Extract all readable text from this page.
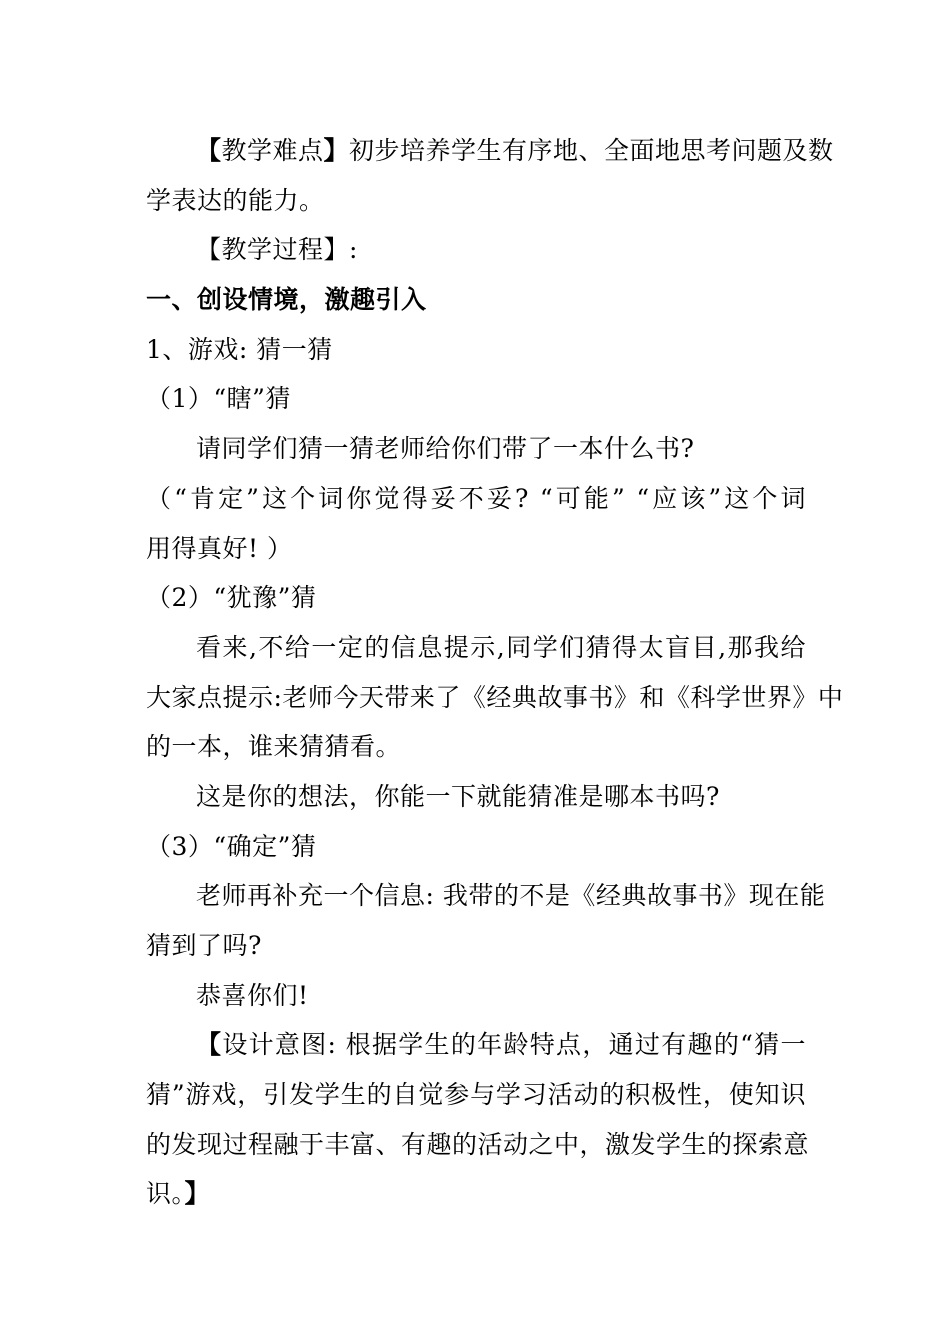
【教学难点】初步培养学生有序地、全面地思考问题及数
学表达的能力。
【教学过程】:
一、创设情境，激趣引入
1、游戏: 猜一猜
（1）“瞎”猜
请同学们猜一猜老师给你们带了一本什么书?
（“肯定”这个词你觉得妥不妥? “可能” “应该”这个词
用得真好! ）
（2）“犹豫”猜
看来,不给一定的信息提示,同学们猜得太盲目,那我给
大家点提示:老师今天带来了《经典故事书》和《科学世界》中
的一本，谁来猜猜看。
这是你的想法，你能一下就能猜准是哪本书吗?
（3）“确定”猜
老师再补充一个信息: 我带的不是《经典故事书》现在能
猜到了吗?
恭喜你们!
【设计意图: 根据学生的年龄特点，通过有趣的“猜一
猜”游戏，引发学生的自觉参与学习活动的积极性，使知识
的发现过程融于丰富、有趣的活动之中，激发学生的探索意
识。】
